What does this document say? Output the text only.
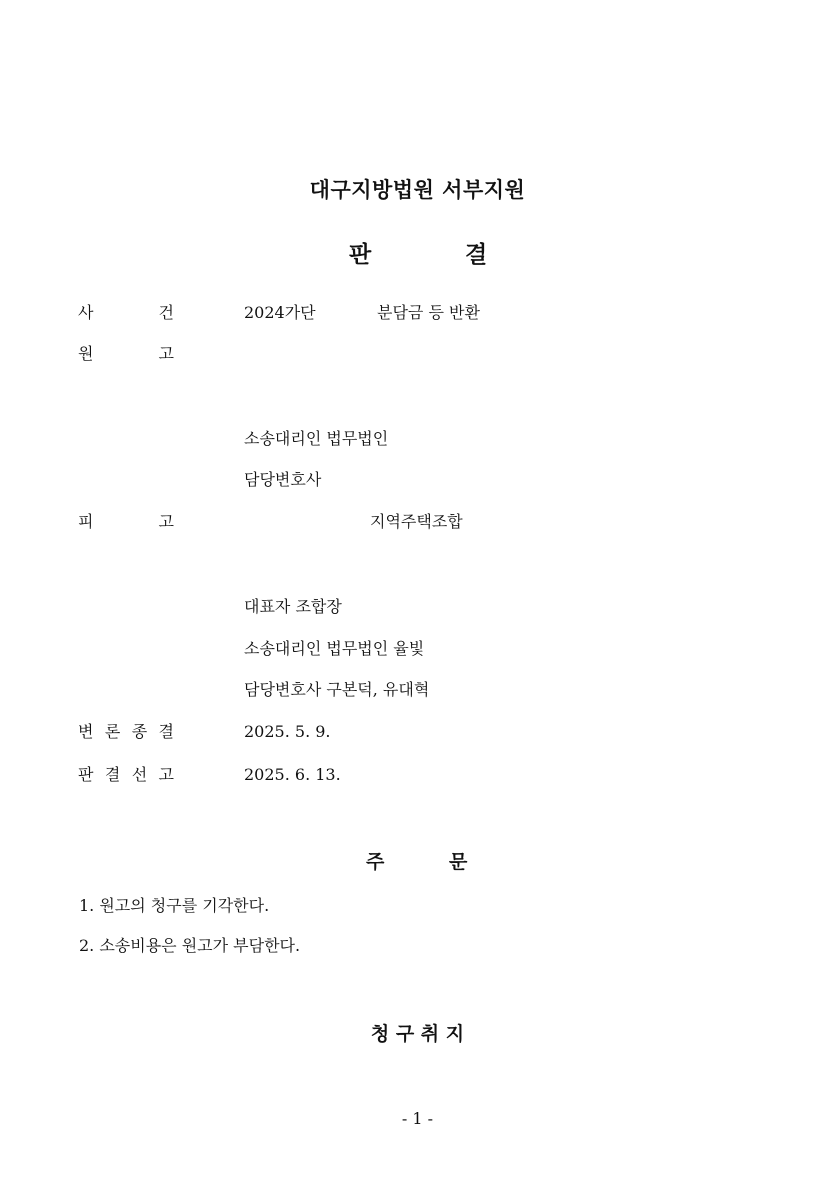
대구지방법원 서부지원
판	결
사	건	2024가단	분담금 등 반환
원	고
소송대리인 법무법인
담당변호사
피	고	지역주택조합
대표자 조합장
소송대리인 법무법인 율빛
담당변호사 구본덕, 유대혁
변 론 종 결	2025. 5. 9.
판 결 선 고	2025. 6. 13.
주	문
1. 원고의 청구를 기각한다.
2. 소송비용은 원고가 부담한다.
청 구 취 지
- 1 -
